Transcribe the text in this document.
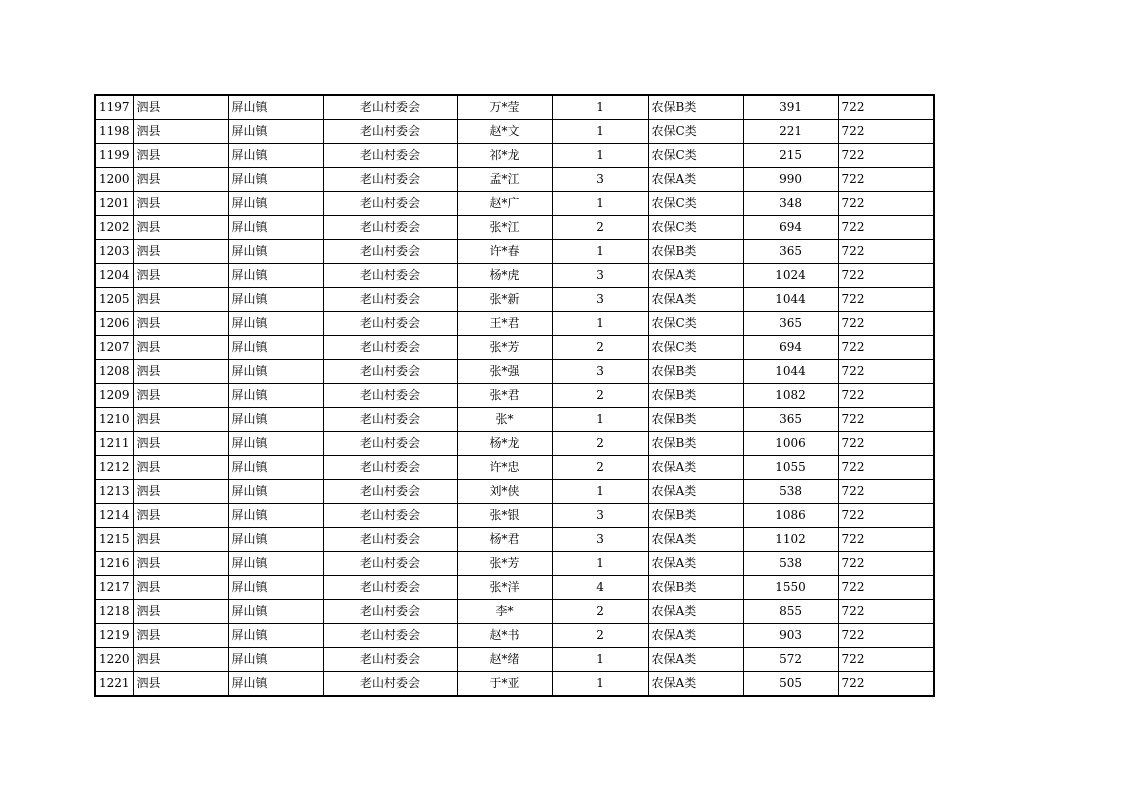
1197	泗县	屏山镇	老山村委会	万*莹	1	农保B类	391	722
1198	泗县	屏山镇	老山村委会	赵*文	1	农保C类	221	722
1199	泗县	屏山镇	老山村委会	祁*龙	1	农保C类	215	722
1200	泗县	屏山镇	老山村委会	孟*江	3	农保A类	990	722
1201	泗县	屏山镇	老山村委会	赵*广	1	农保C类	348	722
1202	泗县	屏山镇	老山村委会	张*江	2	农保C类	694	722
1203	泗县	屏山镇	老山村委会	许*春	1	农保B类	365	722
1204	泗县	屏山镇	老山村委会	杨*虎	3	农保A类	1024	722
1205	泗县	屏山镇	老山村委会	张*新	3	农保A类	1044	722
1206	泗县	屏山镇	老山村委会	王*君	1	农保C类	365	722
1207	泗县	屏山镇	老山村委会	张*芳	2	农保C类	694	722
1208	泗县	屏山镇	老山村委会	张*强	3	农保B类	1044	722
1209	泗县	屏山镇	老山村委会	张*君	2	农保B类	1082	722
1210	泗县	屏山镇	老山村委会	张*	1	农保B类	365	722
1211	泗县	屏山镇	老山村委会	杨*龙	2	农保B类	1006	722
1212	泗县	屏山镇	老山村委会	许*忠	2	农保A类	1055	722
1213	泗县	屏山镇	老山村委会	刘*侠	1	农保A类	538	722
1214	泗县	屏山镇	老山村委会	张*银	3	农保B类	1086	722
1215	泗县	屏山镇	老山村委会	杨*君	3	农保A类	1102	722
1216	泗县	屏山镇	老山村委会	张*芳	1	农保A类	538	722
1217	泗县	屏山镇	老山村委会	张*洋	4	农保B类	1550	722
1218	泗县	屏山镇	老山村委会	李*	2	农保A类	855	722
1219	泗县	屏山镇	老山村委会	赵*书	2	农保A类	903	722
1220	泗县	屏山镇	老山村委会	赵*绪	1	农保A类	572	722
1221	泗县	屏山镇	老山村委会	于*亚	1	农保A类	505	722
